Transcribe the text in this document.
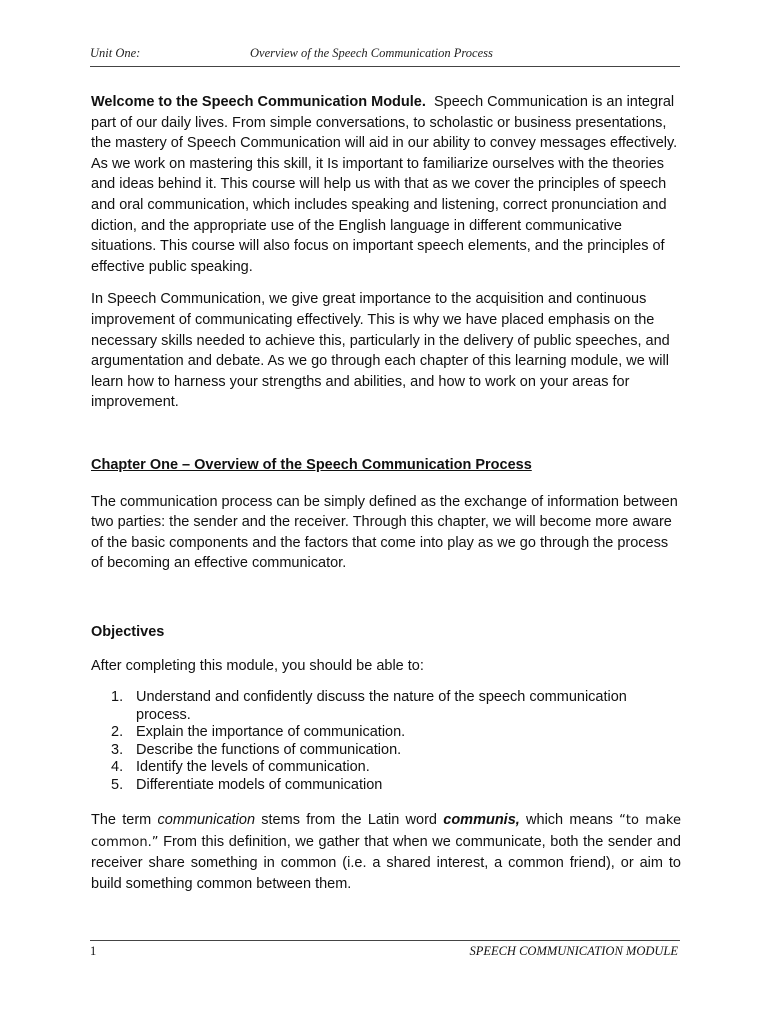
Unit One:	Overview of the Speech Communication Process

Welcome to the Speech Communication Module. Speech Communication is an integral part of our daily lives. From simple conversations, to scholastic or business presentations, the mastery of Speech Communication will aid in our ability to convey messages effectively. As we work on mastering this skill, it Is important to familiarize ourselves with the theories and ideas behind it. This course will help us with that as we cover the principles of speech and oral communication, which includes speaking and listening, correct pronunciation and diction, and the appropriate use of the English language in different communicative situations. This course will also focus on important speech elements, and the principles of effective public speaking.

In Speech Communication, we give great importance to the acquisition and continuous improvement of communicating effectively. This is why we have placed emphasis on the necessary skills needed to achieve this, particularly in the delivery of public speeches, and argumentation and debate. As we go through each chapter of this learning module, we will learn how to harness your strengths and abilities, and how to work on your areas for improvement.

Chapter One – Overview of the Speech Communication Process

The communication process can be simply defined as the exchange of information between two parties: the sender and the receiver. Through this chapter, we will become more aware of the basic components and the factors that come into play as we go through the process of becoming an effective communicator.

Objectives

After completing this module, you should be able to:

1. Understand and confidently discuss the nature of the speech communication process.
2. Explain the importance of communication.
3. Describe the functions of communication.
4. Identify the levels of communication.
5. Differentiate models of communication

The term communication stems from the Latin word communis, which means “to make common.” From this definition, we gather that when we communicate, both the sender and receiver share something in common (i.e. a shared interest, a common friend), or aim to build something common between them.

1	SPEECH COMMUNICATION MODULE
